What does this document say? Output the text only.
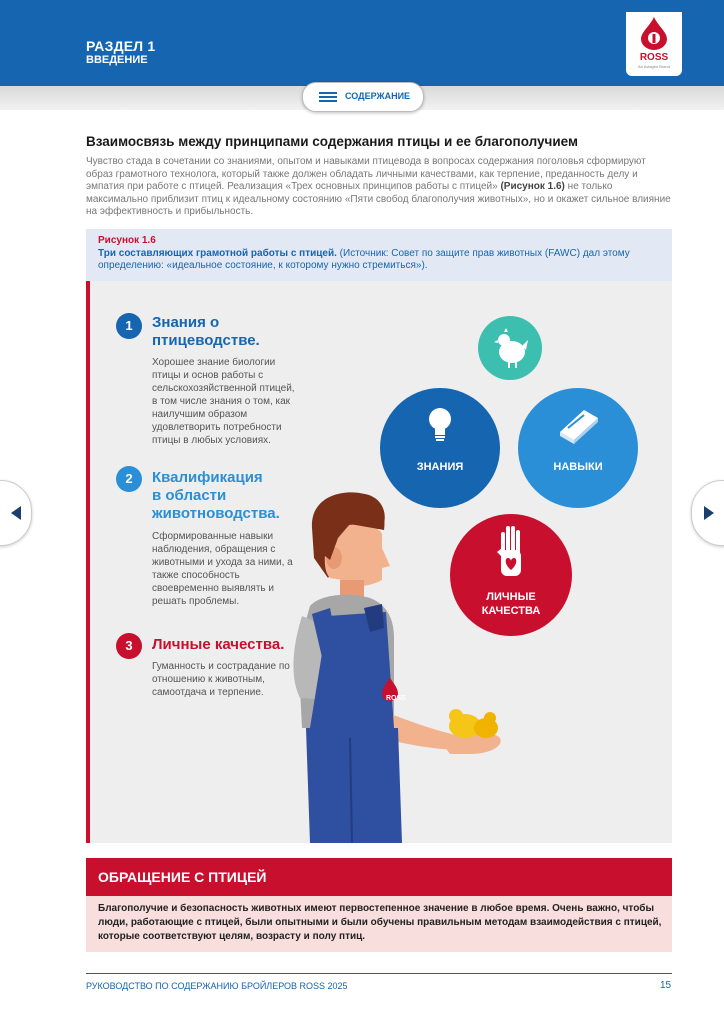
РАЗДЕЛ 1
ВВЕДЕНИЕ	ROSS
An Aviagen Brand
СОДЕРЖАНИЕ
Взаимосвязь между принципами содержания птицы и ее благополучием
Чувство стада в сочетании со знаниями, опытом и навыками птицевода в вопросах содержания поголовья сформируют образ грамотного технолога, который также должен обладать личными качествами, как терпение, преданность делу и эмпатия при работе с птицей. Реализация «Трех основных принципов работы с птицей» (Рисунок 1.6) не только максимально приблизит птиц к идеальному состоянию «Пяти свобод благополучия животных», но и окажет сильное влияние на эффективность и прибыльность.
Рисунок 1.6
Три составляющих грамотной работы с птицей. (Источник: Совет по защите прав животных (FAWC) дал этому определению: «идеальное состояние, к которому нужно стремиться»).
1	Знания о
птицеводстве.
Хорошее знание биологии птицы и основ работы с сельскохозяйственной птицей, в том числе знания о том, как наилучшим образом удовлетворить потребности птицы в любых условиях.
2	Квалификация
в области
животноводства.
Сформированные навыки наблюдения, обращения с животными и ухода за ними, а также способность своевременно выявлять и решать проблемы.
3	Личные качества.
Гуманность и сострадание по отношению к животным, самоотдача и терпение.
ЗНАНИЯ	НАВЫКИ
ЛИЧНЫЕ
КАЧЕСТВА
ROSS
ОБРАЩЕНИЕ С ПТИЦЕЙ

Благополучие и безопасность животных имеют первостепенное значение в любое время. Очень важно, чтобы люди, работающие с птицей, были опытными и были обучены правильным методам взаимодействия с птицей, которые соответствуют целям, возрасту и полу птиц.

РУКОВОДСТВО ПО СОДЕРЖАНИЮ БРОЙЛЕРОВ ROSS 2025	15
